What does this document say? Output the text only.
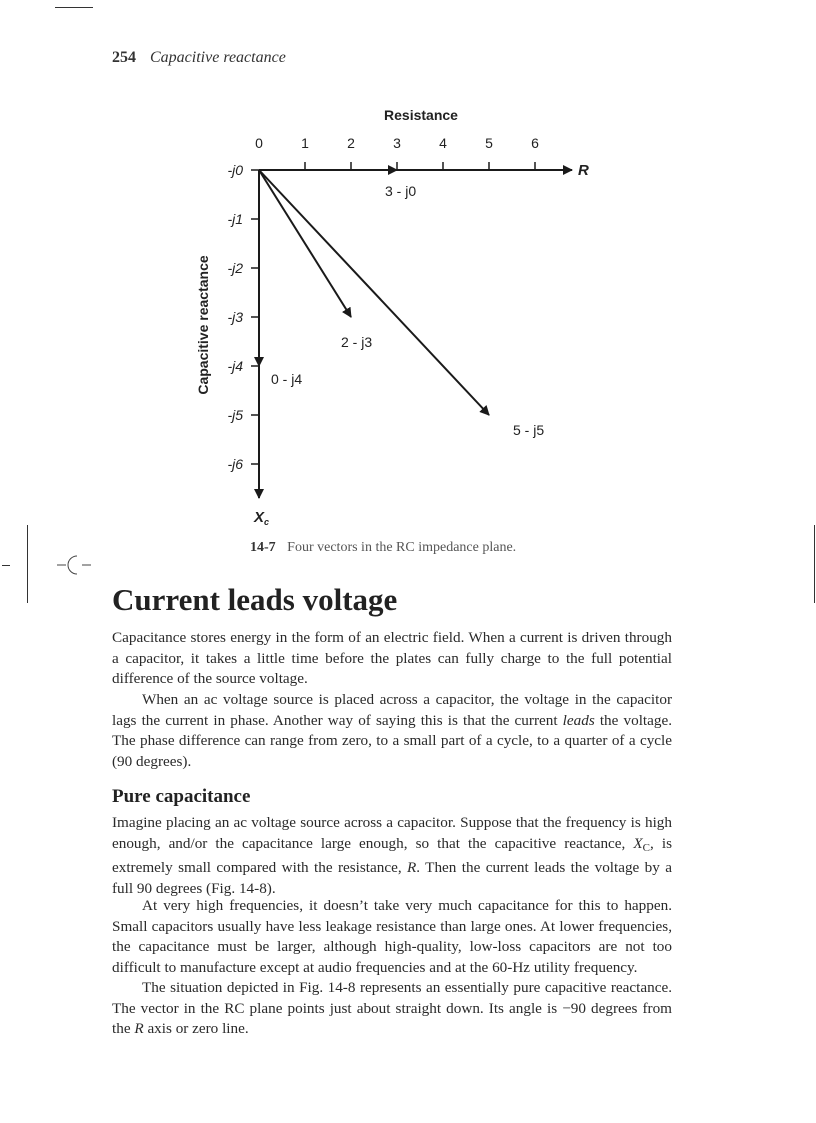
254 Capacitive reactance
Resistance
Capacitive reactance
0	1	2	3	4	5	6
-j0
-j1
-j2
-j3
-j4
-j5
-j6
R
$X_c$
3 - j0
2 - j3
0 - j4
5 - j5
14-7 Four vectors in the RC impedance plane.
Current leads voltage

Capacitance stores energy in the form of an electric field. When a current is driven through a capacitor, it takes a little time before the plates can fully charge to the full potential difference of the source voltage.

When an ac voltage source is placed across a capacitor, the voltage in the capacitor lags the current in phase. Another way of saying this is that the current leads the voltage. The phase difference can range from zero, to a small part of a cycle, to a quarter of a cycle (90 degrees).

Pure capacitance

Imagine placing an ac voltage source across a capacitor. Suppose that the frequency is high enough, and/or the capacitance large enough, so that the capacitive reactance, XC, is extremely small compared with the resistance, R. Then the current leads the voltage by a full 90 degrees (Fig. 14-8).

At very high frequencies, it doesn’t take very much capacitance for this to happen. Small capacitors usually have less leakage resistance than large ones. At lower frequencies, the capacitance must be larger, although high-quality, low-loss capacitors are not too difficult to manufacture except at audio frequencies and at the 60-Hz utility frequency.

The situation depicted in Fig. 14-8 represents an essentially pure capacitive reactance. The vector in the RC plane points just about straight down. Its angle is −90 degrees from the R axis or zero line.
